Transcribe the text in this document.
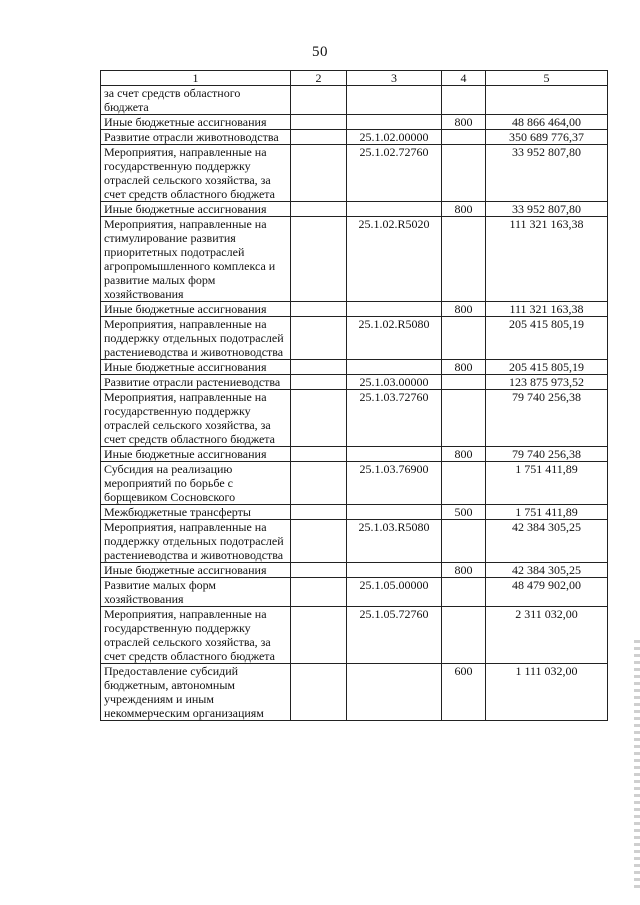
50
1	2	3	4	5
за счет средств областного бюджета				
Иные бюджетные ассигнования			800	48 866 464,00
Развитие отрасли животноводства		25.1.02.00000		350 689 776,37
Мероприятия, направленные на государственную поддержку отраслей сельского хозяйства, за счет средств областного бюджета		25.1.02.72760		33 952 807,80
Иные бюджетные ассигнования			800	33 952 807,80
Мероприятия, направленные на стимулирование развития приоритетных подотраслей агропромышленного комплекса и развитие малых форм хозяйствования		25.1.02.R5020		111 321 163,38
Иные бюджетные ассигнования			800	111 321 163,38
Мероприятия, направленные на поддержку отдельных подотраслей растениеводства и животноводства		25.1.02.R5080		205 415 805,19
Иные бюджетные ассигнования			800	205 415 805,19
Развитие отрасли растениеводства		25.1.03.00000		123 875 973,52
Мероприятия, направленные на государственную поддержку отраслей сельского хозяйства, за счет средств областного бюджета		25.1.03.72760		79 740 256,38
Иные бюджетные ассигнования			800	79 740 256,38
Субсидия на реализацию мероприятий по борьбе с борщевиком Сосновского		25.1.03.76900		1 751 411,89
Межбюджетные трансферты			500	1 751 411,89
Мероприятия, направленные на поддержку отдельных подотраслей растениеводства и животноводства		25.1.03.R5080		42 384 305,25
Иные бюджетные ассигнования			800	42 384 305,25
Развитие малых форм хозяйствования		25.1.05.00000		48 479 902,00
Мероприятия, направленные на государственную поддержку отраслей сельского хозяйства, за счет средств областного бюджета		25.1.05.72760		2 311 032,00
Предоставление субсидий бюджетным, автономным учреждениям и иным некоммерческим организациям			600	1 111 032,00
